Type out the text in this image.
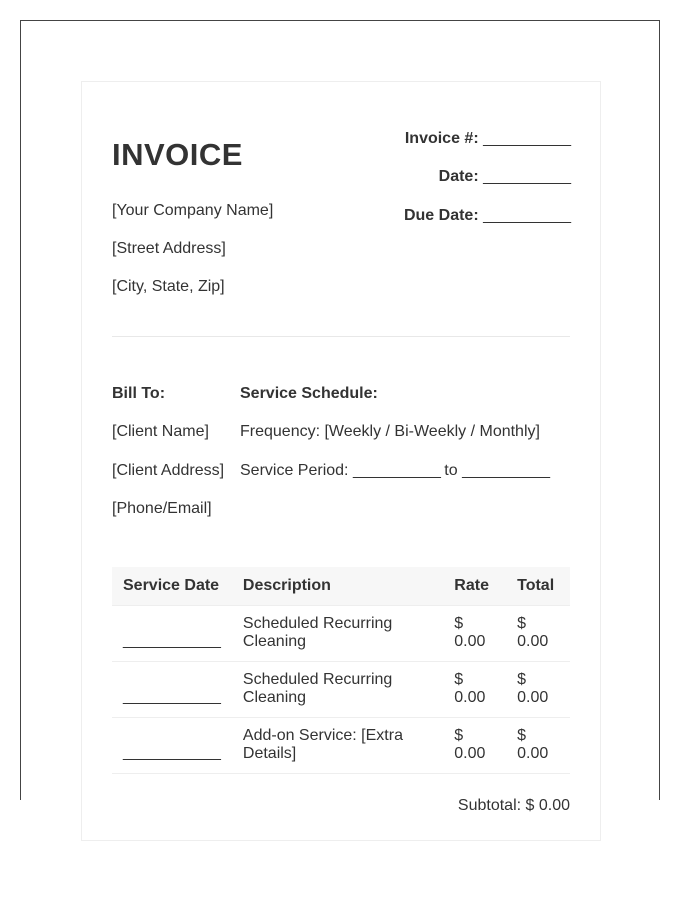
INVOICE
[Your Company Name]
[Street Address]
[City, State, Zip]
Invoice #: ___________
Date: ___________
Due Date: ___________
Bill To:
[Client Name]
[Client Address]
[Phone/Email]
Service Schedule:
Frequency: [Weekly / Bi-Weekly / Monthly]
Service Period: ___________ to ___________
Service Date	Description	Rate	Total
___________	Scheduled Recurring Cleaning	$ 0.00	$ 0.00
___________	Scheduled Recurring Cleaning	$ 0.00	$ 0.00
___________	Add-on Service: [Extra Details]	$ 0.00	$ 0.00
Subtotal: $ 0.00
